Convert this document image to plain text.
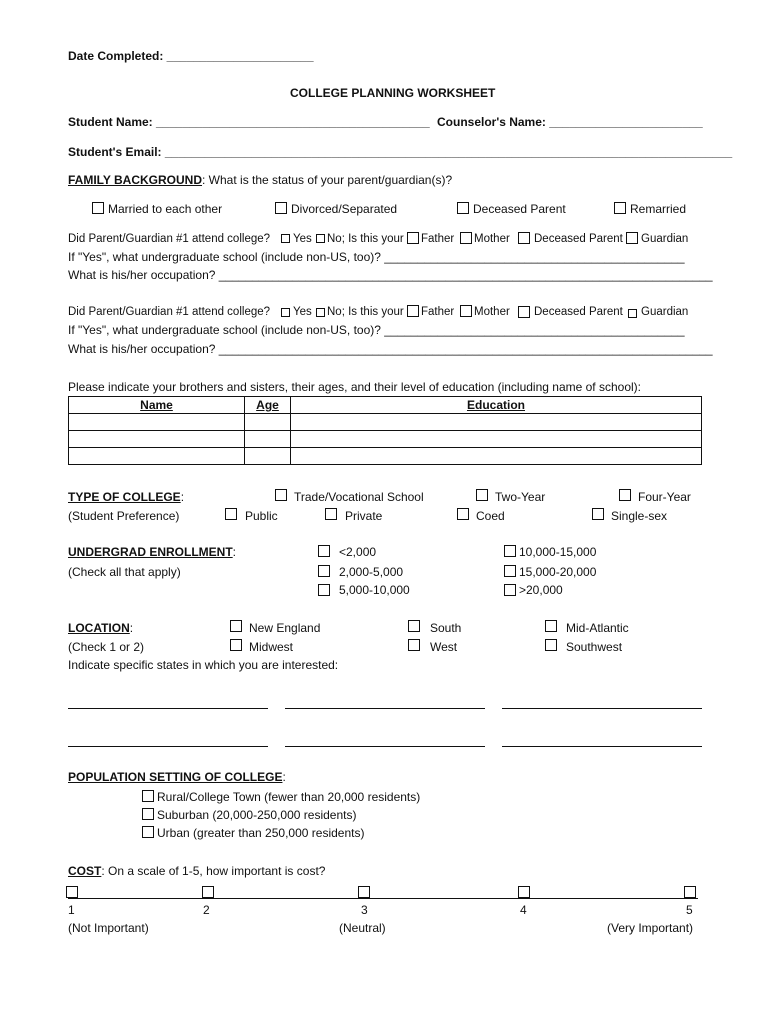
Date Completed: ______________________
COLLEGE PLANNING WORKSHEET
Student Name: _________________________________________ Counselor's Name: _______________________
Student's Email: _____________________________________________________________________________________
FAMILY BACKGROUND: What is the status of your parent/guardian(s)?
Married to each other	Divorced/Separated	Deceased Parent	Remarried
Did Parent/Guardian #1 attend college? Yes No; Is this your Father Mother Deceased Parent Guardian
If "Yes", what undergraduate school (include non-US, too)? _____________________________________________
What is his/her occupation? __________________________________________________________________________
Did Parent/Guardian #1 attend college? Yes No; Is this your Father Mother Deceased Parent Guardian
If "Yes", what undergraduate school (include non-US, too)? _____________________________________________
What is his/her occupation? __________________________________________________________________________
Please indicate your brothers and sisters, their ages, and their level of education (including name of school):
Name	Age	Education

TYPE OF COLLEGE:
(Student Preference)
Trade/Vocational School	Two-Year	Four-Year
Public	Private	Coed	Single-sex
UNDERGRAD ENROLLMENT:
(Check all that apply)
<2,000
2,000-5,000
5,000-10,000
10,000-15,000
15,000-20,000
>20,000
LOCATION:
(Check 1 or 2)
New England	South	Mid-Atlantic
Midwest	West	Southwest
Indicate specific states in which you are interested:
POPULATION SETTING OF COLLEGE:
Rural/College Town (fewer than 20,000 residents)
Suburban (20,000-250,000 residents)
Urban (greater than 250,000 residents)
COST: On a scale of 1-5, how important is cost?
1	2	3	4	5
(Not Important)	(Neutral)	(Very Important)
